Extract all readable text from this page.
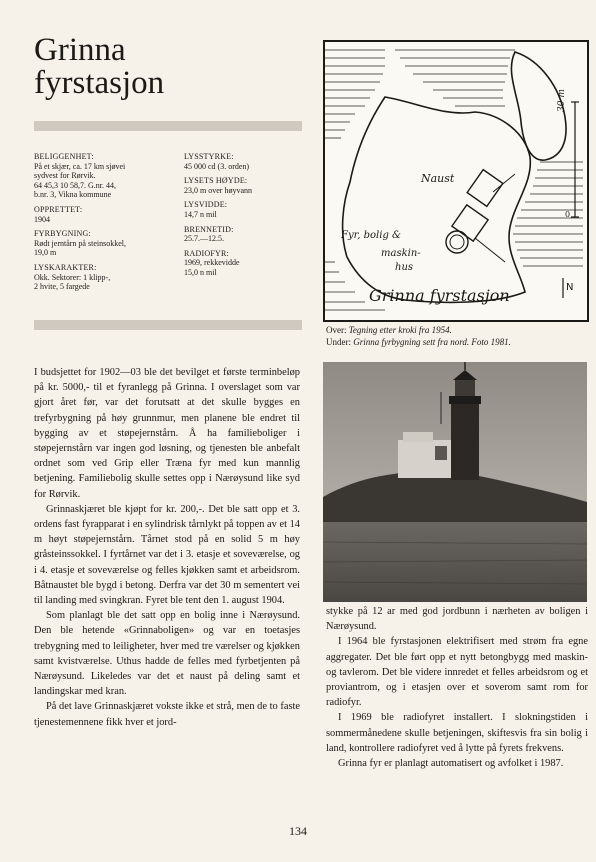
Grinna
fyrstasjon
BELIGGENHET:
På et skjær, ca. 17 km sjøvei
sydvest for Rørvik.
64 45,3 10 58,7. G.nr. 44,
b.nr. 3, Vikna kommune
OPPRETTET:
1904
FYRBYGNING:
Rødt jerntårn på steinsokkel,
19,0 m
LYSKARAKTER:
Okk. Sektorer: 1 klipp-,
2 hvite, 5 fargede
LYSSTYRKE:
45 000 cd (3. orden)
LYSETS HØYDE:
23,0 m over høyvann
LYSVIDDE:
14,7 n mil
BRENNETID:
25.7.—12.5.
RADIOFYR:
1969, rekkevidde
15,0 n mil
Naust
Fyr, bolig &
maskin-
hus
Grinna fyrstasjon	N
30 m
0
Over: Tegning etter kroki fra 1954.
Under: Grinna fyrbygning sett fra nord. Foto 1981.

I budsjettet for 1902—03 ble det bevilget et første terminbeløp på kr. 5000,- til et fyranlegg på Grinna. I overslaget som var gjort året før, var det forutsatt at det skulle bygges en trefyrbygning på høy grunnmur, men planene ble endret til bygging av et støpejernstårn. Å ha familieboliger i støpejernstårn var ingen god løsning, og tjenesten ble anbefalt ordnet som ved Grip eller Træna fyr med kun mannlig betjening. Familiebolig skulle settes opp i Nærøysund like syd for Rørvik.

Grinnaskjæret ble kjøpt for kr. 200,-. Det ble satt opp et 3. ordens fast fyrapparat i en sylindrisk tårnlykt på toppen av et 14 m høyt støpejernstårn. Tårnet stod på en solid 5 m høy gråsteinssokkel. I fyrtårnet var det i 3. etasje et soveværelse, og i 4. etasje et soveværelse og felles kjøkken samt et arbeidsrom. Båtnaustet ble bygd i betong. Derfra var det 30 m sementert vei til landing med svingkran. Fyret ble tent den 1. august 1904.

Som planlagt ble det satt opp en bolig inne i Nærøysund. Den ble hetende «Grinnaboligen» og var en toetasjes trebygning med to leiligheter, hver med tre værelser og kjøkken samt kvistværelse. Uthus hadde de felles med fyrbetjenten på Nærøysund. Likeledes var det et naust på deling samt et landingskar med kran.

På det lave Grinnaskjæret vokste ikke et strå, men de to faste tjenestemennene fikk hver et jord-

stykke på 12 ar med god jordbunn i nærheten av boligen i Nærøysund.

I 1964 ble fyrstasjonen elektrifisert med strøm fra egne aggregater. Det ble ført opp et nytt betongbygg med maskin- og tavlerom. Det ble videre innredet et felles arbeidsrom og et proviantrom, og i etasjen over et soverom samt rom for radiofyr.

I 1969 ble radiofyret installert. I slokningstiden i sommermånedene skulle betjeningen, skiftesvis fra sin bolig i land, kontrollere radiofyret ved å lytte på fyrets frekvens.

Grinna fyr er planlagt automatisert og avfolket i 1987.

134
